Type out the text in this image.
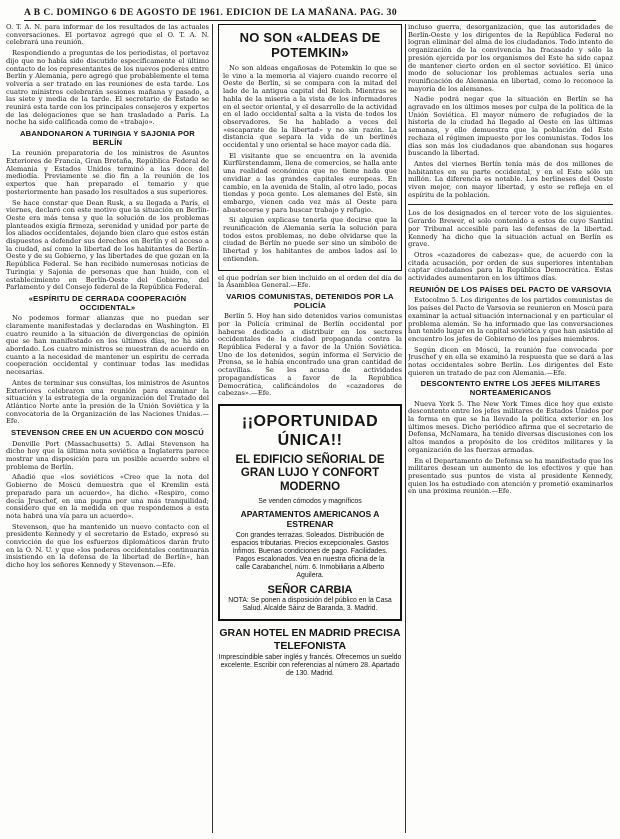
A B C. DOMINGO 6 DE AGOSTO DE 1961. EDICION DE LA MAÑANA. PAG. 30

O. T. A. N. para informar de los resultados de las actuales conversaciones. El portavoz agregó que el O. T. A. N. celebrará una reunión.

Respondiendo a preguntas de los periodistas, el portavoz dijo que no había sido discutido específicamente el último contacto de los representantes de los nuevos poderes entre Berlín y Alemania, pero agregó que probablemente el tema volvería a ser tratado en las reuniones de esta tarde. Los cuatro ministros celebrarán sesiones mañana y pasado, a las siete y media de la tarde. El secretario de Estado se reunirá esta tarde con los principales consejeros y expertos de las delegaciones que se han trasladado a París. La noche ha sido calificada como de «trabajo».

ABANDONARON A TURINGIA Y SAJONIA POR BERLÍN

La reunión preparatoria de los ministros de Asuntos Exteriores de Francia, Gran Bretaña, República Federal de Alemania y Estados Unidos terminó a las doce del mediodía. Previamente se dio fin a la reunión de los expertos que han preparado el temario y que posteriormente han pasado los resultados a sus superiores.

Se hace constar que Dean Rusk, a su llegada a París, el viernes, declaró con este motivo que la situación en Berlín-Oeste era más tensa y que la solución de los problemas planteados exigía firmeza, serenidad y unidad por parte de los aliados occidentales, dejando bien claro que estos están dispuestos a defender sus derechos en Berlín y el acceso a la ciudad, así como la libertad de los habitantes de Berlín-Oeste y de su Gobierno, y las libertades de que gozan en la República Federal. Se han recibido numerosas noticias de Turingia y Sajonia de personas que han huido, con el establecimiento en Berlín-Oeste del Gobierno, del Parlamento y del Consejo federal de la República Federal.

«ESPÍRITU DE CERRADA COOPERACIÓN OCCIDENTAL»

No podemos formar alianzas que no puedan ser claramente manifestadas y declaradas en Washington. El cuatro reunido a la situación de divergencias de opinión que se han manifestado en los últimos días, no ha sido abordado. Los cuatro ministros se muestran de acuerdo en cuanto a la necesidad de mantener un espíritu de cerrada cooperación occidental y continuar todas las medidas necesarias.

Antes de terminar sus consultas, los ministros de Asuntos Exteriores celebraron una reunión para examinar la situación y la estrategia de la organización del Tratado del Atlántico Norte ante la presión de la Unión Soviética y la convocatoria de la Organización de las Naciones Unidas.—Efe.

STEVENSON CREE EN UN ACUERDO CON MOSCÚ

Denville Port (Massachusetts) 5. Adlai Stevenson ha dicho hoy que la última nota soviética a Inglaterra parece mostrar una disposición para un posible acuerdo sobre el problema de Berlín.

Añadió que «los soviéticos «Creo que la nota del Gobierno de Moscú demuestra que el Kremlin está preparado para un acuerdo», ha dicho. «Respiro, como decía Jruschef, en una pugna por una más tranquilidad; considero que en la medida en que respondemos a esta nota habrá una vía para un acuerdo».

Stevenson, que ha mantenido un nuevo contacto con el presidente Kennedy y el secretario de Estado, expresó su convicción de que los esfuerzos diplomáticos darán fruto en la O. N. U. y que «los poderes occidentales continuarán insistiendo en la defensa de la libertad de Berlín», han dicho hoy los señores Kennedy y Stevenson.—Efe.

NO SON «ALDEAS DE POTEMKIN»

No son aldeas engañosas de Potemkin lo que se le vino a la memoria al viajero cuando recorre el Oeste de Berlín, si se compara con la mitad del lado de la antigua capital del Reich. Mientras se habla de la miseria a la vista de los informadores en el sector oriental, y el desarrollo de la actividad en el lado occidental salta a la vista de todos los observadores. Se ha hablado a veces del «escaparate de la libertad» y no sin razón. La distancia que separa la vida de un berlinés occidental y uno oriental se hace mayor cada día.

El visitante que se encuentra en la avenida Kurfürstendamm, llena de comercios, se halla ante una realidad económica que no tiene nada que envidiar a las grandes capitales europeas. En cambio, en la avenida de Stalin, al otro lado, pocas tiendas y poca gente. Los alemanes del Este, sin embargo, vienen cada vez más al Oeste para abastecerse y para buscar trabajo y refugio.

Si alguien explicase tenerla que decirse que la reunificación de Alemania sería la solución para todos estos problemas, no debe olvidarse que la ciudad de Berlín no puede ser sino un símbolo de libertad y los habitantes de ambos lados así lo entienden.

el que podrían ser bien incluido en el orden del día de la Asamblea General.—Efe.

VARIOS COMUNISTAS, DETENIDOS POR LA POLICÍA

Berlín 5. Hoy han sido detenidos varios comunistas por la Policía criminal de Berlín occidental por haberse dedicado a distribuir en los sectores occidentales de la ciudad propaganda contra la República Federal y a favor de la Unión Soviética. Uno de los detenidos, según informa el Servicio de Prensa, se le había encontrado una gran cantidad de octavillas. Se les acusa de actividades propagandísticas a favor de la República Democrática, calificándolos de «cazadores de cabezas».—Efe.

¡¡OPORTUNIDAD ÚNICA!!
EL EDIFICIO SEÑORIAL DE GRAN LUJO Y CONFORT MODERNO
Se venden cómodos y magníficos
APARTAMENTOS AMERICANOS A ESTRENAR
Con grandes terrazas. Soleados. Distribución de espacios tributarias. Precios excepcionales. Gastos ínfimos. Buenas condiciones de pago. Facilidades. Pagos escalonados. Vea en nuestra oficina de la calle Carabanchel, núm. 6. Inmobiliaria a Alberto Aguilera.
SEÑOR CARBIA
NOTA: Se ponen a disposición del público en la Casa Salud. Alcalde Sáinz de Baranda, 3. Madrid.
GRAN HOTEL EN MADRID PRECISA TELEFONISTA
Imprescindible saber inglés y francés. Ofrecemos un sueldo excelente. Escribir con referencias al número 28. Apartado de 130. Madrid.

incluso guerra, desorganización, que las autoridades de Berlín-Oeste y los dirigentes de la República Federal no logran eliminar del alma de los ciudadanos. Todo intento de organización de la convivencia ha fracasado y sólo la presión ejercida por los organismos del Este ha sido capaz de mantener cierto orden en el sector soviético. El único modo de solucionar los problemas actuales sería una reunificación de Alemania en libertad, como lo reconoce la mayoría de los alemanes.

Nadie podrá negar que la situación en Berlín se ha agravado en los últimos meses por culpa de la política de la Unión Soviética. El mayor número de refugiados de la historia de la ciudad ha llegado al Oeste en las últimas semanas, y ello demuestra que la población del Este rechaza el régimen impuesto por los comunistas. Todos los días son más los ciudadanos que abandonan sus hogares buscando la libertad.

Antes del viernes Berlín tenía más de dos millones de habitantes en su parte occidental, y en el Este sólo un millón. La diferencia es notable. Los berlineses del Oeste viven mejor, con mayor libertad, y esto se refleja en el espíritu de la población.

Los de los designados en el tercer voto de los siguientes. Gerardo Brewer, el solo contenido a estos de cuyo Santini por Tribunal accesible para las defensas de la libertad. Kennedy ha dicho que la situación actual en Berlín es grave.

Otros «cazadores de cabezas» que, de acuerdo con la citada acusación, por orden de sus superiores intentaban captar ciudadanos para la República Democrática. Estas actividades aumentaron en los últimos días.

REUNIÓN DE LOS PAÍSES DEL PACTO DE VARSOVIA

Estocolmo 5. Los dirigentes de los partidos comunistas de los países del Pacto de Varsovia se reunieron en Moscú para examinar la actual situación internacional y en particular el problema alemán. Se ha informado que las conversaciones han tenido lugar en la capital soviética y que han asistido al encuentro los jefes de Gobierno de los países miembros.

Según dicen en Moscú, la reunión fue convocada por Jruschef y en ella se examinó la respuesta que se dará a las notas occidentales sobre Berlín. Los dirigentes del Este quieren un tratado de paz con Alemania.—Efe.

DESCONTENTO ENTRE LOS JEFES MILITARES NORTEAMERICANOS

Nueva York 5. The New York Times dice hoy que existe descontento entre los jefes militares de Estados Unidos por la forma en que se ha llevado la política exterior en los últimos meses. Dicho periódico afirma que el secretario de Defensa, McNamara, ha tenido diversas discusiones con los altos mandos a propósito de los créditos militares y la organización de las fuerzas armadas.

En el Departamento de Defensa se ha manifestado que los militares desean un aumento de los efectivos y que han presentado sus puntos de vista al presidente Kennedy, quien los ha estudiado con atención y prometió examinarlos en una próxima reunión.—Efe.
